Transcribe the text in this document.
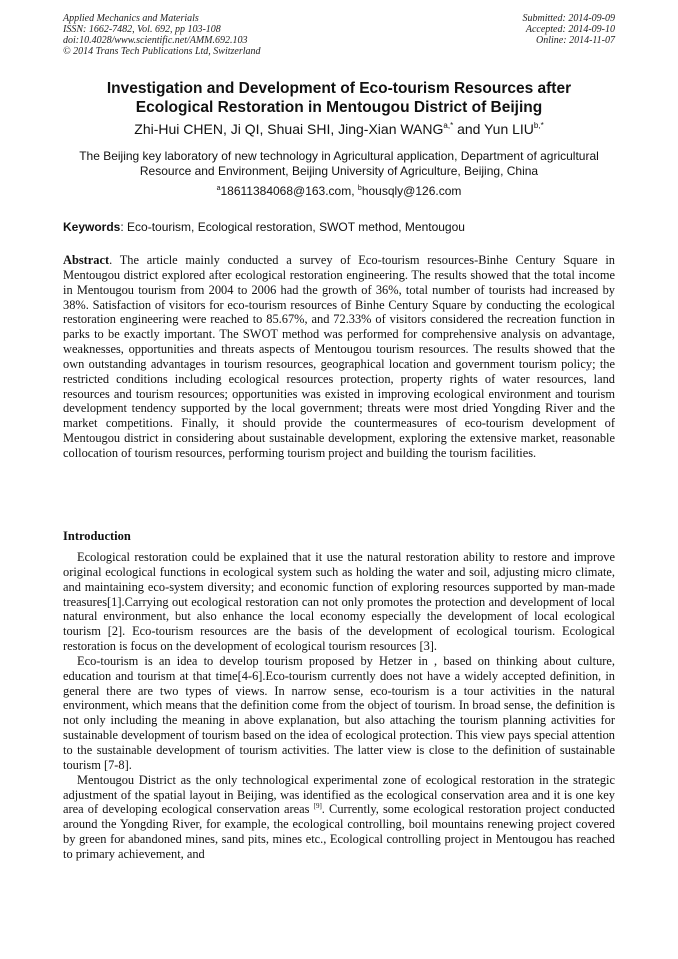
Applied Mechanics and Materials
ISSN: 1662-7482, Vol. 692, pp 103-108
doi:10.4028/www.scientific.net/AMM.692.103
© 2014 Trans Tech Publications Ltd, Switzerland
Submitted: 2014-09-09
Accepted: 2014-09-10
Online: 2014-11-07
Investigation and Development of Eco-tourism Resources after
Ecological Restoration in Mentougou District of Beijing
Zhi-Hui CHEN, Ji QI, Shuai SHI, Jing-Xian $WANG^{a,*}$ and Yun $LIU^{b,*}$
The Beijing key laboratory of new technology in Agricultural application, Department of agricultural
Resource and Environment, Beijing University of Agriculture, Beijing, China
$^a$18611384068@163.com, $^b$housqly@126.com
Keywords: Eco-tourism, Ecological restoration, SWOT method, Mentougou
Abstract. The article mainly conducted a survey of Eco-tourism resources-Binhe Century Square in Mentougou district explored after ecological restoration engineering. The results showed that the total income in Mentougou tourism from 2004 to 2006 had the growth of 36%, total number of tourists had increased by 38%. Satisfaction of visitors for eco-tourism resources of Binhe Century Square by conducting the ecological restoration engineering were reached to 85.67%, and 72.33% of visitors considered the recreation function in parks to be exactly important. The SWOT method was performed for comprehensive analysis on advantage, weaknesses, opportunities and threats aspects of Mentougou tourism resources. The results showed that the own outstanding advantages in tourism resources, geographical location and government tourism policy; the restricted conditions including ecological resources protection, property rights of water resources, land resources and tourism resources; opportunities was existed in improving ecological environment and tourism development tendency supported by the local government; threats were most dried Yongding River and the market competitions. Finally, it should provide the countermeasures of eco-tourism development of Mentougou district in considering about sustainable development, exploring the extensive market, reasonable collocation of tourism resources, performing tourism project and building the tourism facilities.
Introduction

Ecological restoration could be explained that it use the natural restoration ability to restore and improve original ecological functions in ecological system such as holding the water and soil, adjusting micro climate, and maintaining eco-system diversity; and economic function of exploring resources supported by man-made treasures[1].Carrying out ecological restoration can not only promotes the protection and development of local natural environment, but also enhance the local economy especially the development of local ecological tourism [2]. Eco-tourism resources are the basis of the development of ecological tourism. Ecological restoration is focus on the development of ecological tourism resources [3].

Eco-tourism is an idea to develop tourism proposed by Hetzer in , based on thinking about culture, education and tourism at that time[4-6].Eco-tourism currently does not have a widely accepted definition, in general there are two types of views. In narrow sense, eco-tourism is a tour activities in the natural environment, which means that the definition come from the object of tourism. In broad sense, the definition is not only including the meaning in above explanation, but also attaching the tourism planning activities for sustainable development of tourism based on the idea of ecological protection. This view pays special attention to the sustainable development of tourism activities. The latter view is close to the definition of sustainable tourism [7-8].

Mentougou District as the only technological experimental zone of ecological restoration in the strategic adjustment of the spatial layout in Beijing, was identified as the ecological conservation area and it is one key area of developing ecological conservation areas [9]. Currently, some ecological restoration project conducted around the Yongding River, for example, the ecological controlling, boil mountains renewing project covered by green for abandoned mines, sand pits, mines etc., Ecological controlling project in Mentougou has reached to primary achievement, and
